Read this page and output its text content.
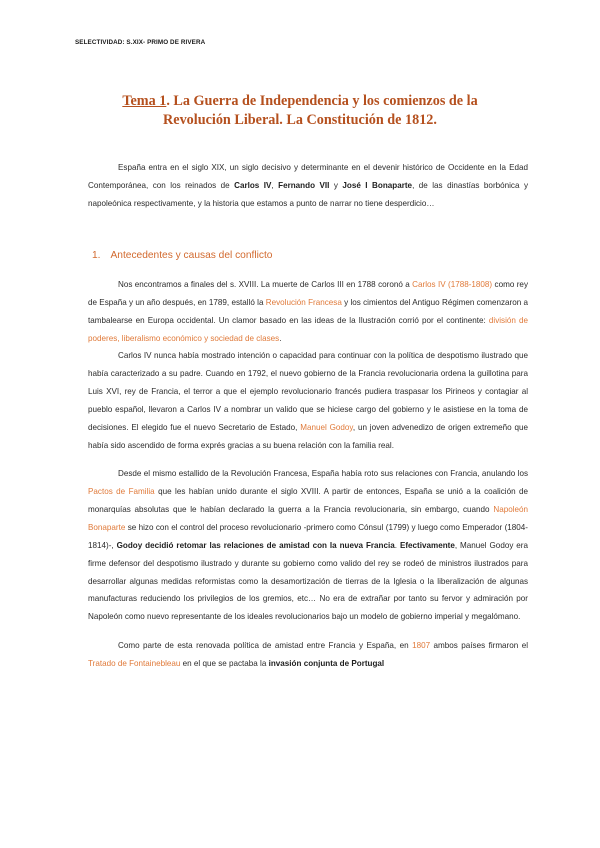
SELECTIVIDAD: S.XIX- PRIMO DE RIVERA
Tema 1. La Guerra de Independencia y los comienzos de la
Revolución Liberal. La Constitución de 1812.

España entra en el siglo XIX, un siglo decisivo y determinante en el devenir histórico de Occidente en la Edad Contemporánea, con los reinados de Carlos IV, Fernando VII y José I Bonaparte, de las dinastías borbónica y napoleónica respectivamente, y la historia que estamos a punto de narrar no tiene desperdicio…

1. Antecedentes y causas del conflicto

Nos encontramos a finales del s. XVIII. La muerte de Carlos III en 1788 coronó a Carlos IV (1788-1808) como rey de España y un año después, en 1789, estalló la Revolución Francesa y los cimientos del Antiguo Régimen comenzaron a tambalearse en Europa occidental. Un clamor basado en las ideas de la Ilustración corrió por el continente: división de poderes, liberalismo económico y sociedad de clases.

Carlos IV nunca había mostrado intención o capacidad para continuar con la política de despotismo ilustrado que había caracterizado a su padre. Cuando en 1792, el nuevo gobierno de la Francia revolucionaria ordena la guillotina para Luis XVI, rey de Francia, el terror a que el ejemplo revolucionario francés pudiera traspasar los Pirineos y contagiar al pueblo español, llevaron a Carlos IV a nombrar un valido que se hiciese cargo del gobierno y le asistiese en la toma de decisiones. El elegido fue el nuevo Secretario de Estado, Manuel Godoy, un joven advenedizo de origen extremeño que había sido ascendido de forma exprés gracias a su buena relación con la familia real.

Desde el mismo estallido de la Revolución Francesa, España había roto sus relaciones con Francia, anulando los Pactos de Familia que les habían unido durante el siglo XVIII. A partir de entonces, España se unió a la coalición de monarquías absolutas que le habían declarado la guerra a la Francia revolucionaria, sin embargo, cuando Napoleón Bonaparte se hizo con el control del proceso revolucionario -primero como Cónsul (1799) y luego como Emperador (1804-1814)-, Godoy decidió retomar las relaciones de amistad con la nueva Francia. Efectivamente, Manuel Godoy era firme defensor del despotismo ilustrado y durante su gobierno como valido del rey se rodeó de ministros ilustrados para desarrollar algunas medidas reformistas como la desamortización de tierras de la Iglesia o la liberalización de algunas manufacturas reduciendo los privilegios de los gremios, etc… No era de extrañar por tanto su fervor y admiración por Napoleón como nuevo representante de los ideales revolucionarios bajo un modelo de gobierno imperial y megalómano.

Como parte de esta renovada política de amistad entre Francia y España, en 1807 ambos países firmaron el Tratado de Fontainebleau en el que se pactaba la invasión conjunta de Portugal
